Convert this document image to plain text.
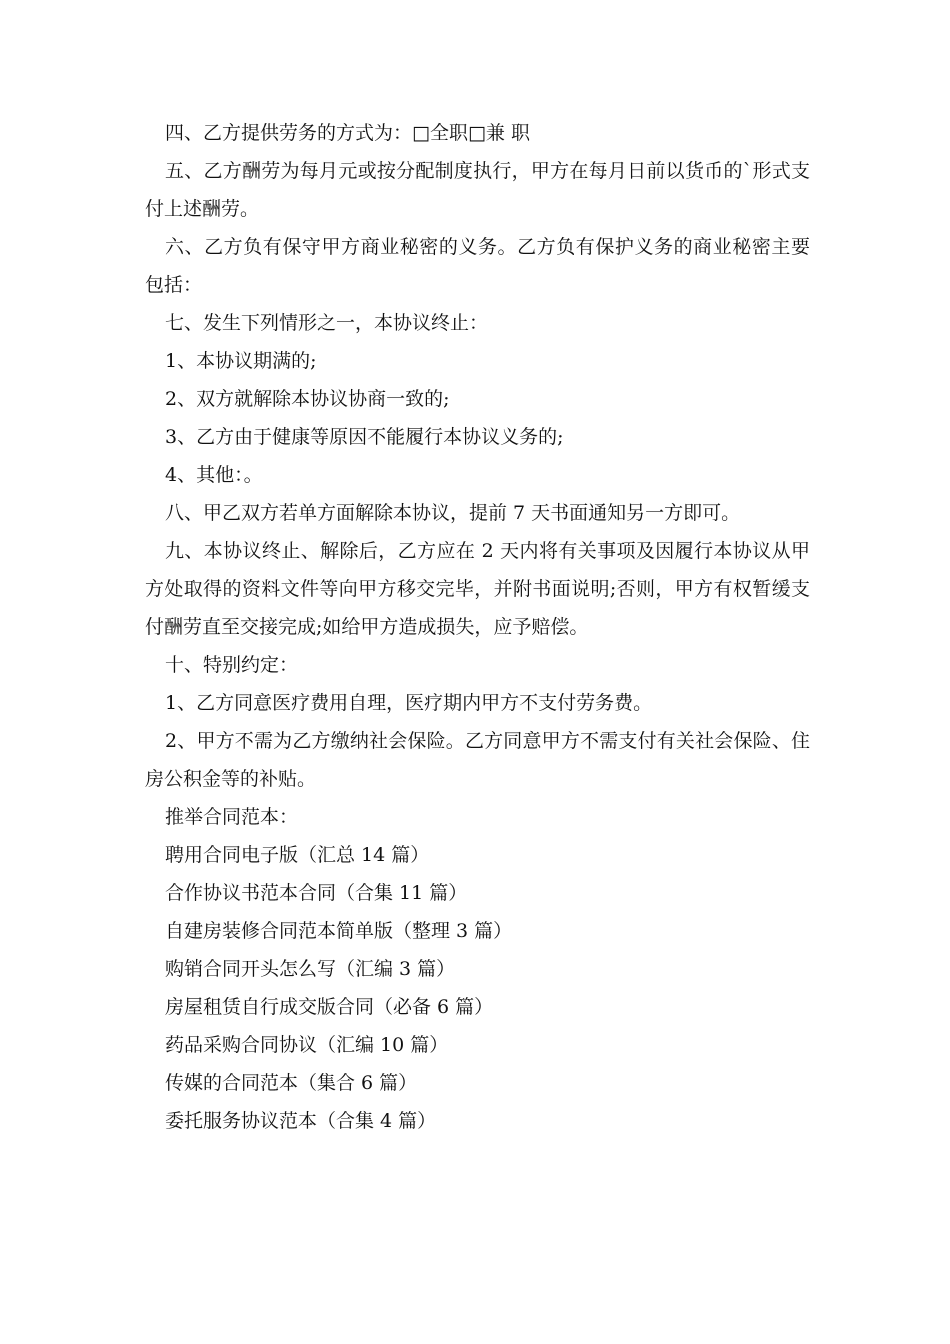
四、乙方提供劳务的方式为：□全职□兼 职

五、乙方酬劳为每月元或按分配制度执行，甲方在每月日前以货币的`形式支付上述酬劳。

六、乙方负有保守甲方商业秘密的义务。乙方负有保护义务的商业秘密主要包括：

七、发生下列情形之一，本协议终止：

1、本协议期满的;

2、双方就解除本协议协商一致的;

3、乙方由于健康等原因不能履行本协议义务的;

4、其他：。

八、甲乙双方若单方面解除本协议，提前 7 天书面通知另一方即可。

九、本协议终止、解除后，乙方应在 2 天内将有关事项及因履行本协议从甲方处取得的资料文件等向甲方移交完毕，并附书面说明;否则，甲方有权暂缓支付酬劳直至交接完成;如给甲方造成损失，应予赔偿。

十、特别约定：

1、乙方同意医疗费用自理，医疗期内甲方不支付劳务费。

2、甲方不需为乙方缴纳社会保险。乙方同意甲方不需支付有关社会保险、住房公积金等的补贴。

推举合同范本：

聘用合同电子版（汇总 14 篇）
合作协议书范本合同（合集 11 篇）
自建房装修合同范本简单版（整理 3 篇）
购销合同开头怎么写（汇编 3 篇）
房屋租赁自行成交版合同（必备 6 篇）
药品采购合同协议（汇编 10 篇）
传媒的合同范本（集合 6 篇）
委托服务协议范本（合集 4 篇）
